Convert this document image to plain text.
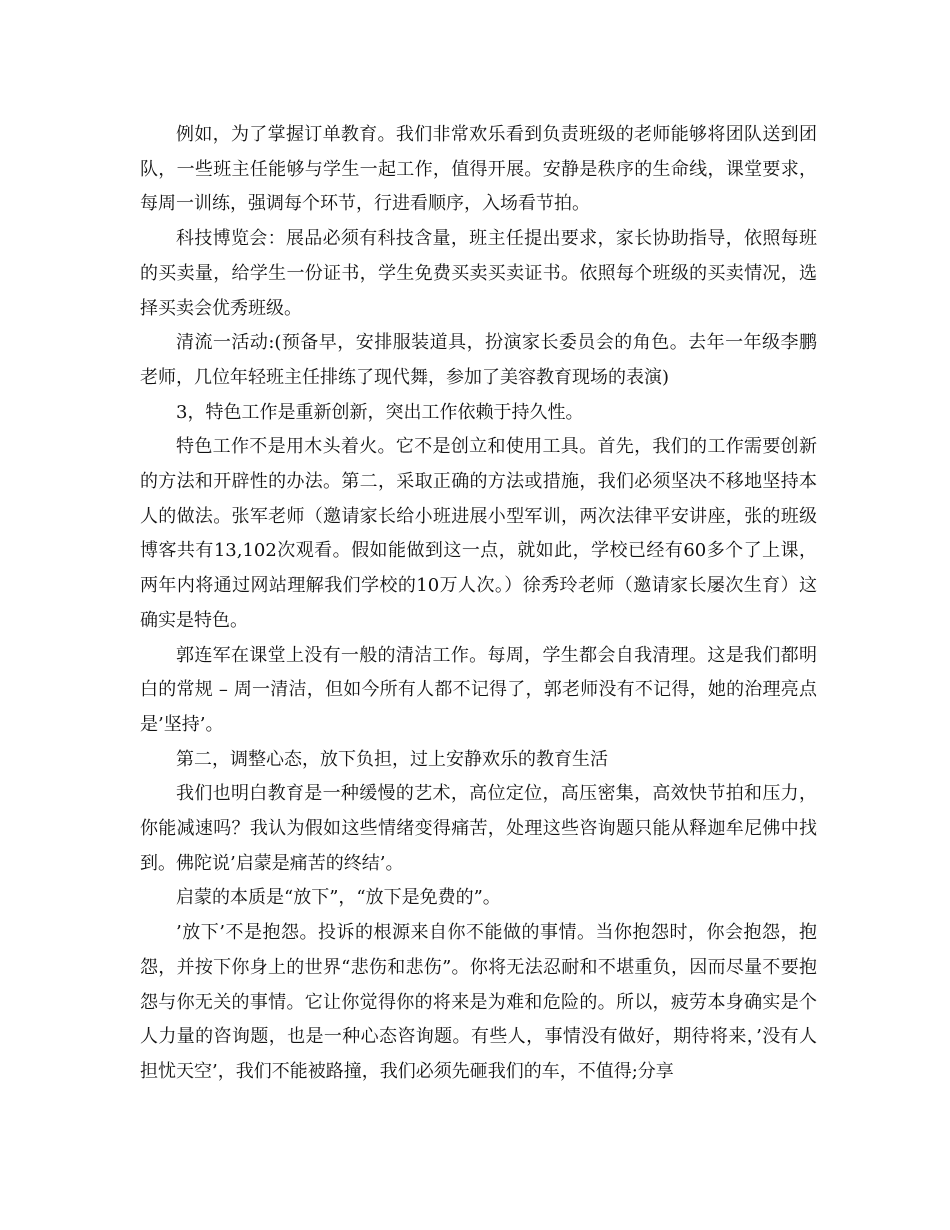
例如，为了掌握订单教育。我们非常欢乐看到负责班级的老师能够将团队送到团队，一些班主任能够与学生一起工作，值得开展。安静是秩序的生命线，课堂要求，每周一训练，强调每个环节，行进看顺序，入场看节拍。

科技博览会：展品必须有科技含量，班主任提出要求，家长协助指导，依照每班的买卖量，给学生一份证书，学生免费买卖买卖证书。依照每个班级的买卖情况，选择买卖会优秀班级。

清流一活动:(预备早，安排服装道具，扮演家长委员会的角色。去年一年级李鹏老师，几位年轻班主任排练了现代舞，参加了美容教育现场的表演)

3，特色工作是重新创新，突出工作依赖于持久性。

特色工作不是用木头着火。它不是创立和使用工具。首先，我们的工作需要创新的方法和开辟性的办法。第二，采取正确的方法或措施，我们必须坚决不移地坚持本人的做法。张军老师（邀请家长给小班进展小型军训，两次法律平安讲座，张的班级博客共有13,102次观看。假如能做到这一点，就如此，学校已经有60多个了上课，两年内将通过网站理解我们学校的10万人次。）徐秀玲老师（邀请家长屡次生育）这确实是特色。

郭连军在课堂上没有一般的清洁工作。每周，学生都会自我清理。这是我们都明白的常规 – 周一清洁，但如今所有人都不记得了，郭老师没有不记得，她的治理亮点是’坚持’。

第二，调整心态，放下负担，过上安静欢乐的教育生活

我们也明白教育是一种缓慢的艺术，高位定位，高压密集，高效快节拍和压力，你能减速吗？我认为假如这些情绪变得痛苦，处理这些咨询题只能从释迦牟尼佛中找到。佛陀说’启蒙是痛苦的终结’。

启蒙的本质是“放下”，“放下是免费的”。

’放下’不是抱怨。投诉的根源来自你不能做的事情。当你抱怨时，你会抱怨，抱怨，并按下你身上的世界“悲伤和悲伤”。你将无法忍耐和不堪重负，因而尽量不要抱怨与你无关的事情。它让你觉得你的将来是为难和危险的。所以，疲劳本身确实是个人力量的咨询题，也是一种心态咨询题。有些人，事情没有做好，期待将来，’没有人担忧天空’，我们不能被路撞，我们必须先砸我们的车，不值得;分享
